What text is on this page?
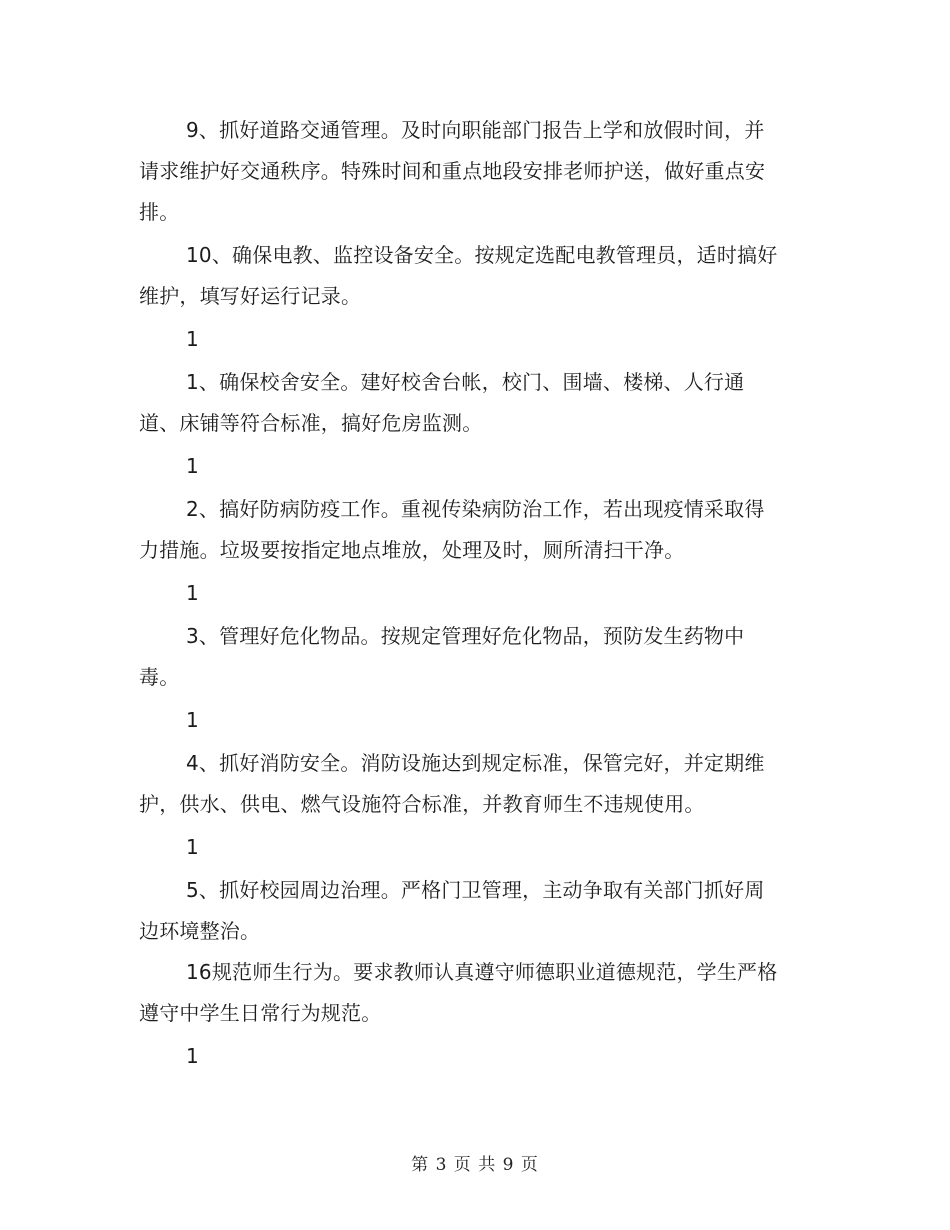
9、抓好道路交通管理。及时向职能部门报告上学和放假时间，并请求维护好交通秩序。特殊时间和重点地段安排老师护送，做好重点安排。

10、确保电教、监控设备安全。按规定选配电教管理员，适时搞好维护，填写好运行记录。

1

1、确保校舍安全。建好校舍台帐，校门、围墙、楼梯、人行通道、床铺等符合标准，搞好危房监测。

1

2、搞好防病防疫工作。重视传染病防治工作，若出现疫情采取得力措施。垃圾要按指定地点堆放，处理及时，厕所清扫干净。

1

3、管理好危化物品。按规定管理好危化物品，预防发生药物中毒。

1

4、抓好消防安全。消防设施达到规定标准，保管完好，并定期维护，供水、供电、燃气设施符合标准，并教育师生不违规使用。

1

5、抓好校园周边治理。严格门卫管理，主动争取有关部门抓好周边环境整治。

16规范师生行为。要求教师认真遵守师德职业道德规范，学生严格遵守中学生日常行为规范。

1

第 3 页 共 9 页
